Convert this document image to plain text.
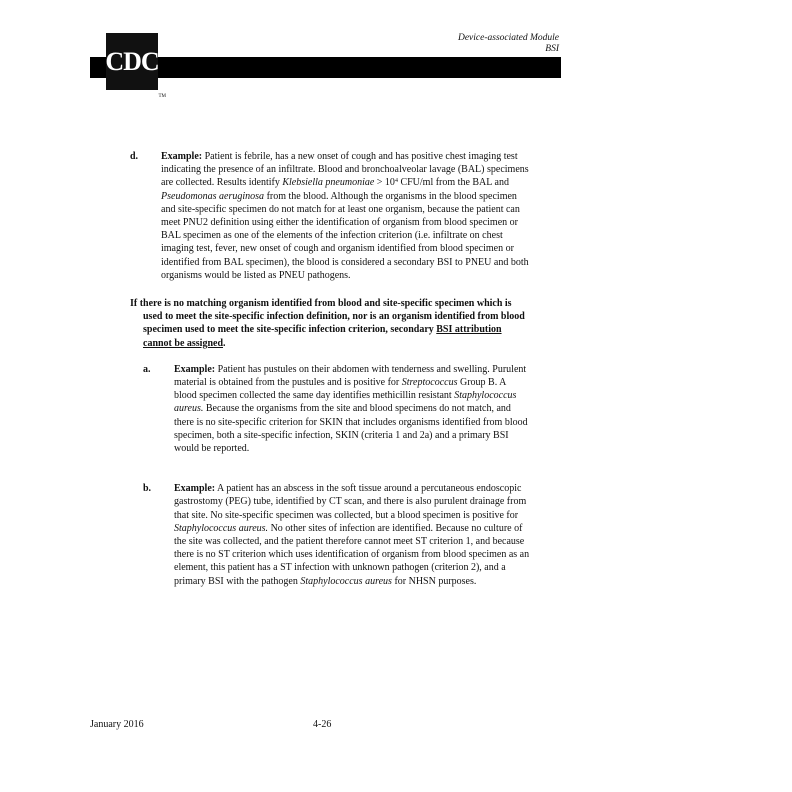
CDC
TM
Device-associated Module
BSI
d. Example: Patient is febrile, has a new onset of cough and has positive chest imaging test indicating the presence of an infiltrate. Blood and bronchoalveolar lavage (BAL) specimens are collected. Results identify Klebsiella pneumoniae > $10^4$ CFU/ml from the BAL and Pseudomonas aeruginosa from the blood. Although the organisms in the blood specimen and site-specific specimen do not match for at least one organism, because the patient can meet PNU2 definition using either the identification of organism from blood specimen or BAL specimen as one of the elements of the infection criterion (i.e. infiltrate on chest imaging test, fever, new onset of cough and organism identified from blood specimen or identified from BAL specimen), the blood is considered a secondary BSI to PNEU and both organisms would be listed as PNEU pathogens.
If there is no matching organism identified from blood and site-specific specimen which is used to meet the site-specific infection definition, nor is an organism identified from blood specimen used to meet the site-specific infection criterion, secondary BSI attribution cannot be assigned.
a. Example: Patient has pustules on their abdomen with tenderness and swelling. Purulent material is obtained from the pustules and is positive for Streptococcus Group B. A blood specimen collected the same day identifies methicillin resistant Staphylococcus aureus. Because the organisms from the site and blood specimens do not match, and there is no site-specific criterion for SKIN that includes organisms identified from blood specimen, both a site-specific infection, SKIN (criteria 1 and 2a) and a primary BSI would be reported.
b. Example: A patient has an abscess in the soft tissue around a percutaneous endoscopic gastrostomy (PEG) tube, identified by CT scan, and there is also purulent drainage from that site. No site-specific specimen was collected, but a blood specimen is positive for Staphylococcus aureus. No other sites of infection are identified. Because no culture of the site was collected, and the patient therefore cannot meet ST criterion 1, and because there is no ST criterion which uses identification of organism from blood specimen as an element, this patient has a ST infection with unknown pathogen (criterion 2), and a primary BSI with the pathogen Staphylococcus aureus for NHSN purposes.
January 2016	4-26
